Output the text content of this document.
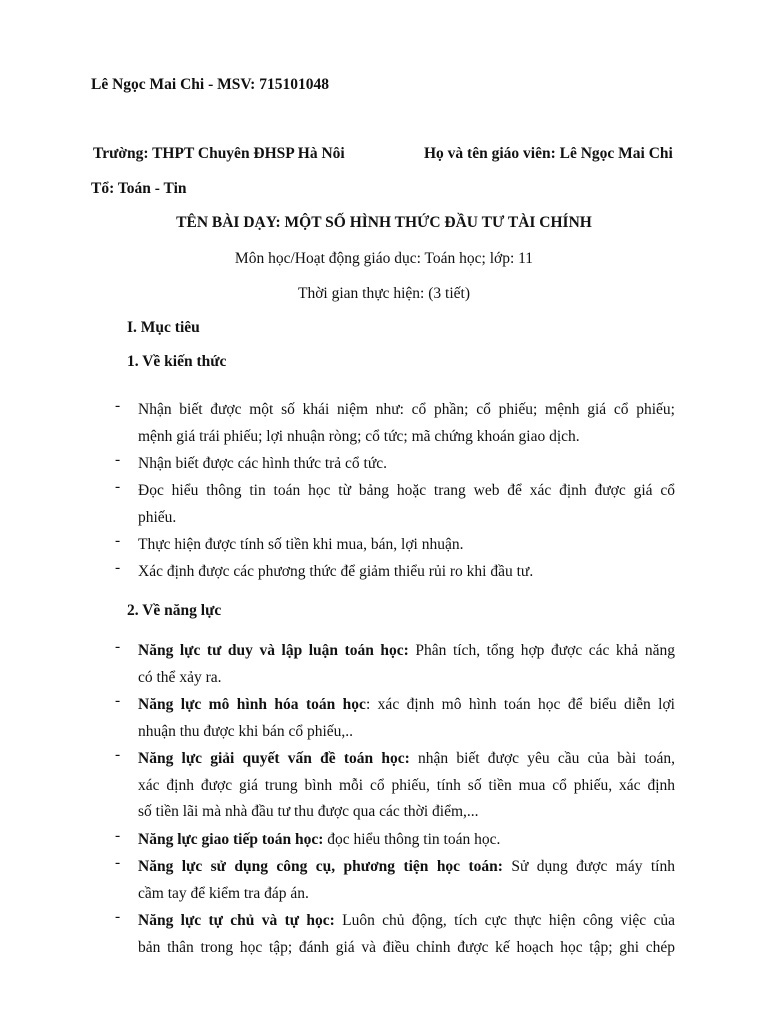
Lê Ngọc Mai Chi - MSV: 715101048
Trường: THPT Chuyên ĐHSP Hà Nôi	Họ và tên giáo viên: Lê Ngọc Mai Chi
Tổ: Toán - Tin
TÊN BÀI DẠY: MỘT SỐ HÌNH THỨC ĐẦU TƯ TÀI CHÍNH
Môn học/Hoạt động giáo dục: Toán học; lớp: 11
Thời gian thực hiện: (3 tiết)
I. Mục tiêu
1. Về kiến thức
- Nhận biết được một số khái niệm như: cổ phần; cổ phiếu; mệnh giá cổ phiếu;
mệnh giá trái phiếu; lợi nhuận ròng; cổ tức; mã chứng khoán giao dịch.
- Nhận biết được các hình thức trả cổ tức.
- Đọc hiểu thông tin toán học từ bảng hoặc trang web để xác định được giá cổ
phiếu.
- Thực hiện được tính số tiền khi mua, bán, lợi nhuận.
- Xác định được các phương thức để giảm thiểu rủi ro khi đầu tư.
2. Về năng lực
- Năng lực tư duy và lập luận toán học: Phân tích, tổng hợp được các khả năng
có thể xảy ra.
- Năng lực mô hình hóa toán học: xác định mô hình toán học để biểu diễn lợi
nhuận thu được khi bán cổ phiếu,..
- Năng lực giải quyết vấn đề toán học: nhận biết được yêu cầu của bài toán,
xác định được giá trung bình mỗi cổ phiếu, tính số tiền mua cổ phiếu, xác định
số tiền lãi mà nhà đầu tư thu được qua các thời điểm,...
- Năng lực giao tiếp toán học: đọc hiểu thông tin toán học.
- Năng lực sử dụng công cụ, phương tiện học toán: Sử dụng được máy tính
cầm tay để kiểm tra đáp án.
- Năng lực tự chủ và tự học: Luôn chủ động, tích cực thực hiện công việc của
bản thân trong học tập; đánh giá và điều chỉnh được kế hoạch học tập; ghi chép
